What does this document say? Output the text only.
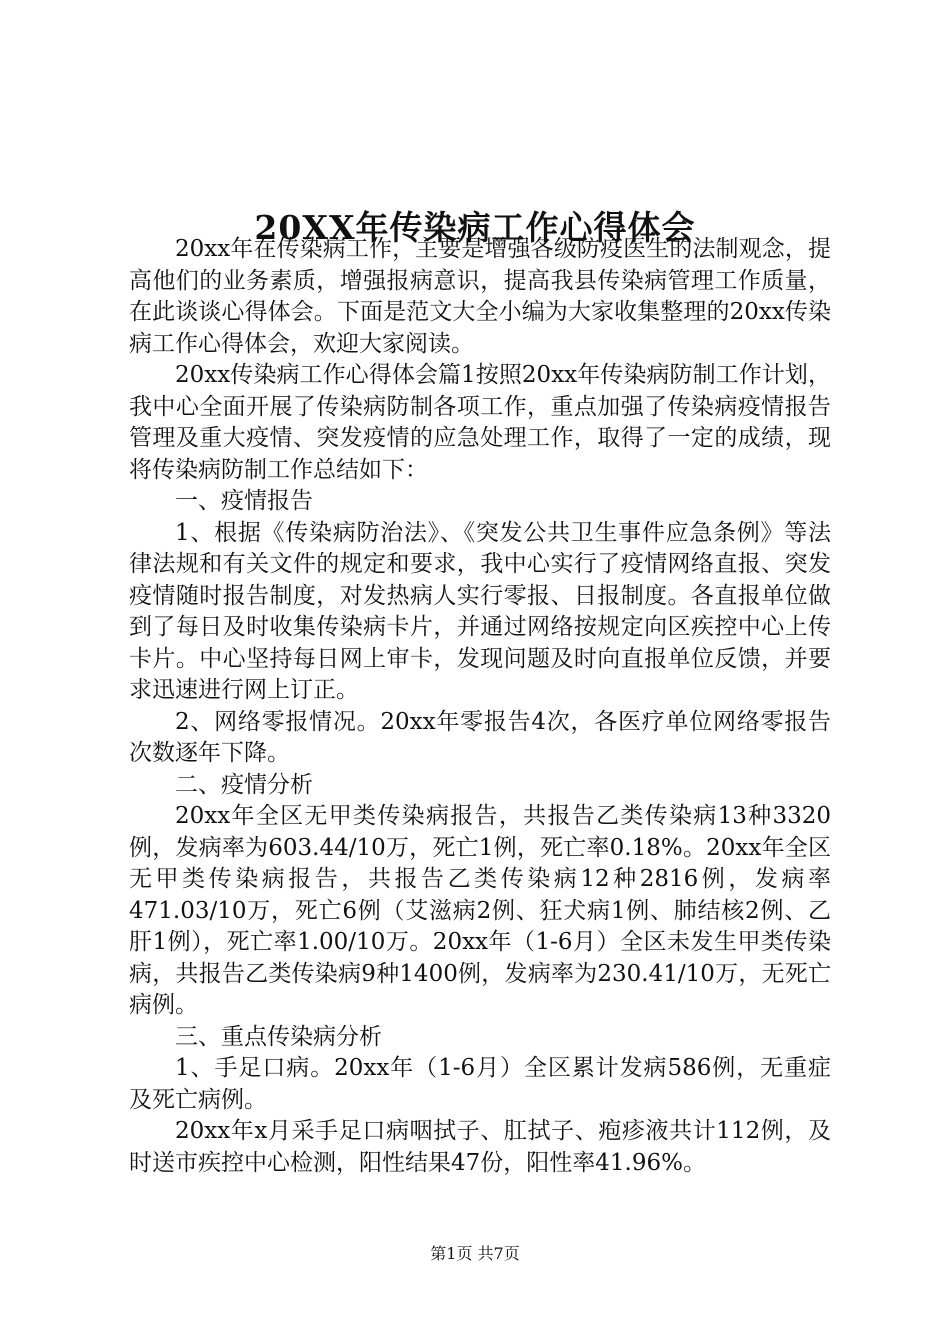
20XX年传染病工作心得体会

20xx年在传染病工作，主要是增强各级防疫医生的法制观念，提高他们的业务素质，增强报病意识，提高我县传染病管理工作质量，在此谈谈心得体会。下面是范文大全小编为大家收集整理的20xx传染病工作心得体会，欢迎大家阅读。

20xx传染病工作心得体会篇1按照20xx年传染病防制工作计划，我中心全面开展了传染病防制各项工作，重点加强了传染病疫情报告管理及重大疫情、突发疫情的应急处理工作，取得了一定的成绩，现将传染病防制工作总结如下：

一、疫情报告

1、根据《传染病防治法》、《突发公共卫生事件应急条例》等法律法规和有关文件的规定和要求，我中心实行了疫情网络直报、突发疫情随时报告制度，对发热病人实行零报、日报制度。各直报单位做到了每日及时收集传染病卡片，并通过网络按规定向区疾控中心上传卡片。中心坚持每日网上审卡，发现问题及时向直报单位反馈，并要求迅速进行网上订正。

2、网络零报情况。20xx年零报告4次，各医疗单位网络零报告次数逐年下降。

二、疫情分析

20xx年全区无甲类传染病报告，共报告乙类传染病13种3320例，发病率为603.44/10万，死亡1例，死亡率0.18%。20xx年全区无甲类传染病报告，共报告乙类传染病12种2816例，发病率471.03/10万，死亡6例（艾滋病2例、狂犬病1例、肺结核2例、乙肝1例），死亡率1.00/10万。20xx年（1-6月）全区未发生甲类传染病，共报告乙类传染病9种1400例，发病率为230.41/10万，无死亡病例。

三、重点传染病分析

1、手足口病。20xx年（1-6月）全区累计发病586例，无重症及死亡病例。

20xx年x月采手足口病咽拭子、肛拭子、疱疹液共计112例，及时送市疾控中心检测，阳性结果47份，阳性率41.96%。

第1页 共7页
